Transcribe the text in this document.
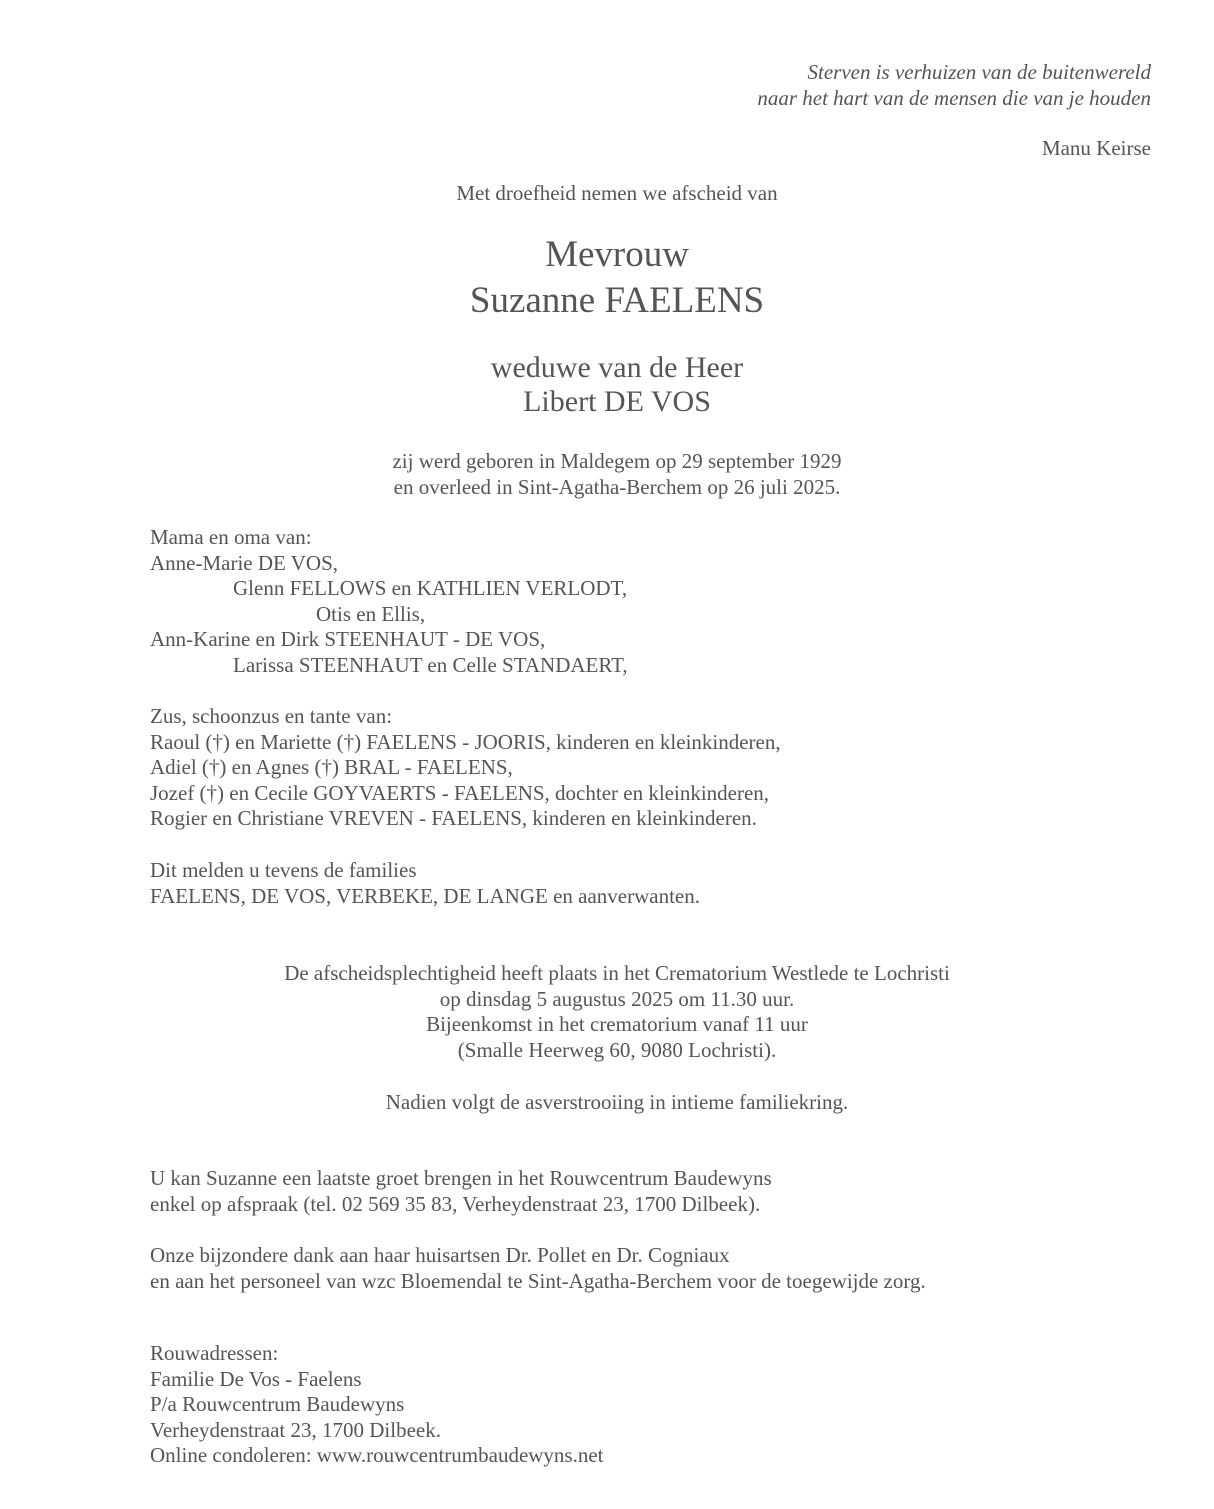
Sterven is verhuizen van de buitenwereld
naar het hart van de mensen die van je houden
Manu Keirse
Met droefheid nemen we afscheid van
Mevrouw
Suzanne FAELENS
weduwe van de Heer
Libert DE VOS
zij werd geboren in Maldegem op 29 september 1929
en overleed in Sint-Agatha-Berchem op 26 juli 2025.
Mama en oma van:
Anne-Marie DE VOS,
Glenn FELLOWS en KATHLIEN VERLODT,
Otis en Ellis,
Ann-Karine en Dirk STEENHAUT - DE VOS,
Larissa STEENHAUT en Celle STANDAERT,
Zus, schoonzus en tante van:
Raoul (†) en Mariette (†) FAELENS - JOORIS, kinderen en kleinkinderen,
Adiel (†) en Agnes (†) BRAL - FAELENS,
Jozef (†) en Cecile GOYVAERTS - FAELENS, dochter en kleinkinderen,
Rogier en Christiane VREVEN - FAELENS, kinderen en kleinkinderen.
Dit melden u tevens de families
FAELENS, DE VOS, VERBEKE, DE LANGE en aanverwanten.
De afscheidsplechtigheid heeft plaats in het Crematorium Westlede te Lochristi
op dinsdag 5 augustus 2025 om 11.30 uur.
Bijeenkomst in het crematorium vanaf 11 uur
(Smalle Heerweg 60, 9080 Lochristi).
Nadien volgt de asverstrooiing in intieme familiekring.
U kan Suzanne een laatste groet brengen in het Rouwcentrum Baudewyns
enkel op afspraak (tel. 02 569 35 83, Verheydenstraat 23, 1700 Dilbeek).
Onze bijzondere dank aan haar huisartsen Dr. Pollet en Dr. Cogniaux
en aan het personeel van wzc Bloemendal te Sint-Agatha-Berchem voor de toegewijde zorg.
Rouwadressen:
Familie De Vos - Faelens
P/a Rouwcentrum Baudewyns
Verheydenstraat 23, 1700 Dilbeek.
Online condoleren: www.rouwcentrumbaudewyns.net
